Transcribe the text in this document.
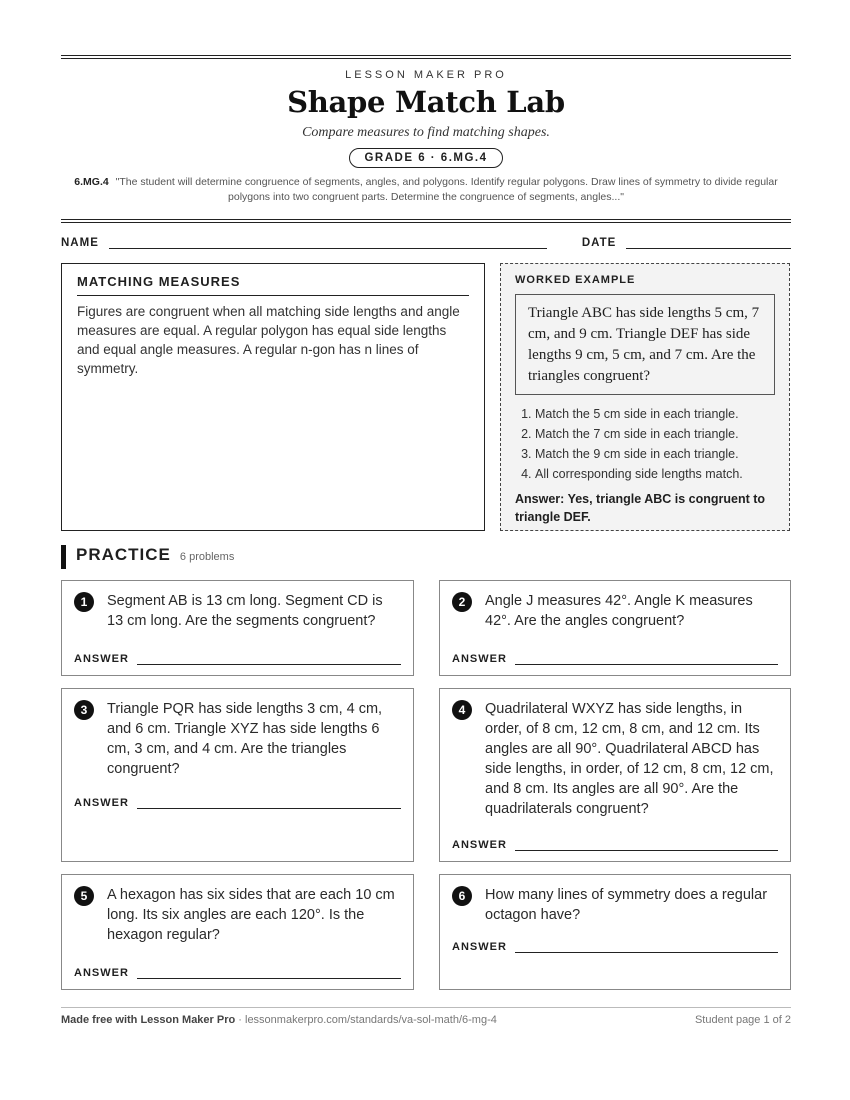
LESSON MAKER PRO
Shape Match Lab
Compare measures to find matching shapes.
GRADE 6 · 6.MG.4
6.MG.4 "The student will determine congruence of segments, angles, and polygons. Identify regular polygons. Draw lines of symmetry to divide regular polygons into two congruent parts. Determine the congruence of segments, angles..."
NAME	DATE
MATCHING MEASURES
Figures are congruent when all matching side lengths and angle measures are equal. A regular polygon has equal side lengths and equal angle measures. A regular n-gon has n lines of symmetry.
WORKED EXAMPLE
Triangle ABC has side lengths 5 cm, 7 cm, and 9 cm. Triangle DEF has side lengths 9 cm, 5 cm, and 7 cm. Are the triangles congruent?
1. Match the 5 cm side in each triangle.
2. Match the 7 cm side in each triangle.
3. Match the 9 cm side in each triangle.
4. All corresponding side lengths match.
Answer: Yes, triangle ABC is congruent to triangle DEF.
PRACTICE 6 problems
1	Segment AB is 13 cm long. Segment CD is 13 cm long. Are the segments congruent?
ANSWER
2	Angle J measures 42°. Angle K measures 42°. Are the angles congruent?
ANSWER
3	Triangle PQR has side lengths 3 cm, 4 cm, and 6 cm. Triangle XYZ has side lengths 6 cm, 3 cm, and 4 cm. Are the triangles congruent?
ANSWER
4	Quadrilateral WXYZ has side lengths, in order, of 8 cm, 12 cm, 8 cm, and 12 cm. Its angles are all 90°. Quadrilateral ABCD has side lengths, in order, of 12 cm, 8 cm, 12 cm, and 8 cm. Its angles are all 90°. Are the quadrilaterals congruent?
ANSWER
5	A hexagon has six sides that are each 10 cm long. Its six angles are each 120°. Is the hexagon regular?
ANSWER
6	How many lines of symmetry does a regular octagon have?
ANSWER
Made free with Lesson Maker Pro · lessonmakerpro.com/standards/va-sol-math/6-mg-4	Student page 1 of 2
